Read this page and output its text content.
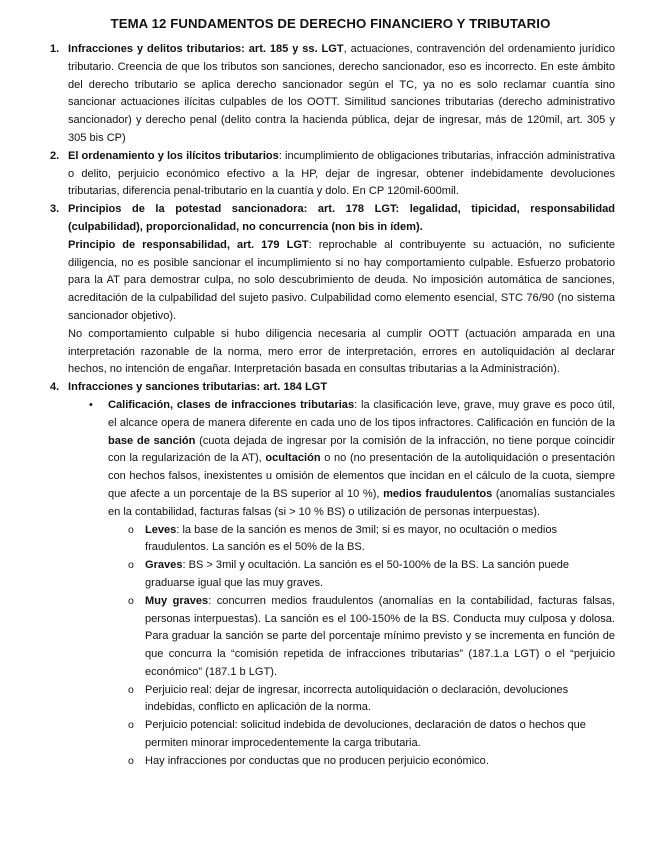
TEMA 12 FUNDAMENTOS DE DERECHO FINANCIERO Y TRIBUTARIO
1. Infracciones y delitos tributarios: art. 185 y ss. LGT, actuaciones, contravención del ordenamiento jurídico tributario. Creencia de que los tributos son sanciones, derecho sancionador, eso es incorrecto. En este ámbito del derecho tributario se aplica derecho sancionador según el TC, ya no es solo reclamar cuantía sino sancionar actuaciones ilícitas culpables de los OOTT. Similitud sanciones tributarias (derecho administrativo sancionador) y derecho penal (delito contra la hacienda pública, dejar de ingresar, más de 120mil, art. 305 y 305 bis CP)

2. El ordenamiento y los ilícitos tributarios: incumplimiento de obligaciones tributarias, infracción administrativa o delito, perjuicio económico efectivo a la HP, dejar de ingresar, obtener indebidamente devoluciones tributarias, diferencia penal-tributario en la cuantía y dolo. En CP 120mil-600mil.

3. Principios de la potestad sancionadora: art. 178 LGT: legalidad, tipicidad, responsabilidad (culpabilidad), proporcionalidad, no concurrencia (non bis in ídem).

Principio de responsabilidad, art. 179 LGT: reprochable al contribuyente su actuación, no suficiente diligencia, no es posible sancionar el incumplimiento si no hay comportamiento culpable. Esfuerzo probatorio para la AT para demostrar culpa, no solo descubrimiento de deuda. No imposición automática de sanciones, acreditación de la culpabilidad del sujeto pasivo. Culpabilidad como elemento esencial, STC 76/90 (no sistema sancionador objetivo).

No comportamiento culpable si hubo diligencia necesaria al cumplir OOTT (actuación amparada en una interpretación razonable de la norma, mero error de interpretación, errores en autoliquidación al declarar hechos, no intención de engañar. Interpretación basada en consultas tributarias a la Administración).

4. Infracciones y sanciones tributarias: art. 184 LGT

• Calificación, clases de infracciones tributarias: la clasificación leve, grave, muy grave es poco útil, el alcance opera de manera diferente en cada uno de los tipos infractores. Calificación en función de la base de sanción (cuota dejada de ingresar por la comisión de la infracción, no tiene porque coincidir con la regularización de la AT), ocultación o no (no presentación de la autoliquidación o presentación con hechos falsos, inexistentes u omisión de elementos que incidan en el cálculo de la cuota, siempre que afecte a un porcentaje de la BS superior al 10 %), medios fraudulentos (anomalías sustanciales en la contabilidad, facturas falsas (si > 10 % BS) o utilización de personas interpuestas).

o Leves: la base de la sanción es menos de 3mil; si es mayor, no ocultación o medios fraudulentos. La sanción es el 50% de la BS.

o Graves: BS > 3mil y ocultación. La sanción es el 50-100% de la BS. La sanción puede graduarse igual que las muy graves.

o Muy graves: concurren medios fraudulentos (anomalías en la contabilidad, facturas falsas, personas interpuestas). La sanción es el 100-150% de la BS. Conducta muy culposa y dolosa. Para graduar la sanción se parte del porcentaje mínimo previsto y se incrementa en función de que concurra la “comisión repetida de infracciones tributarias” (187.1.a LGT) o el “perjuicio económico” (187.1 b LGT).

o Perjuicio real: dejar de ingresar, incorrecta autoliquidación o declaración, devoluciones indebidas, conflicto en aplicación de la norma.

o Perjuicio potencial: solicitud indebida de devoluciones, declaración de datos o hechos que permiten minorar improcedentemente la carga tributaria.

o Hay infracciones por conductas que no producen perjuicio económico.
